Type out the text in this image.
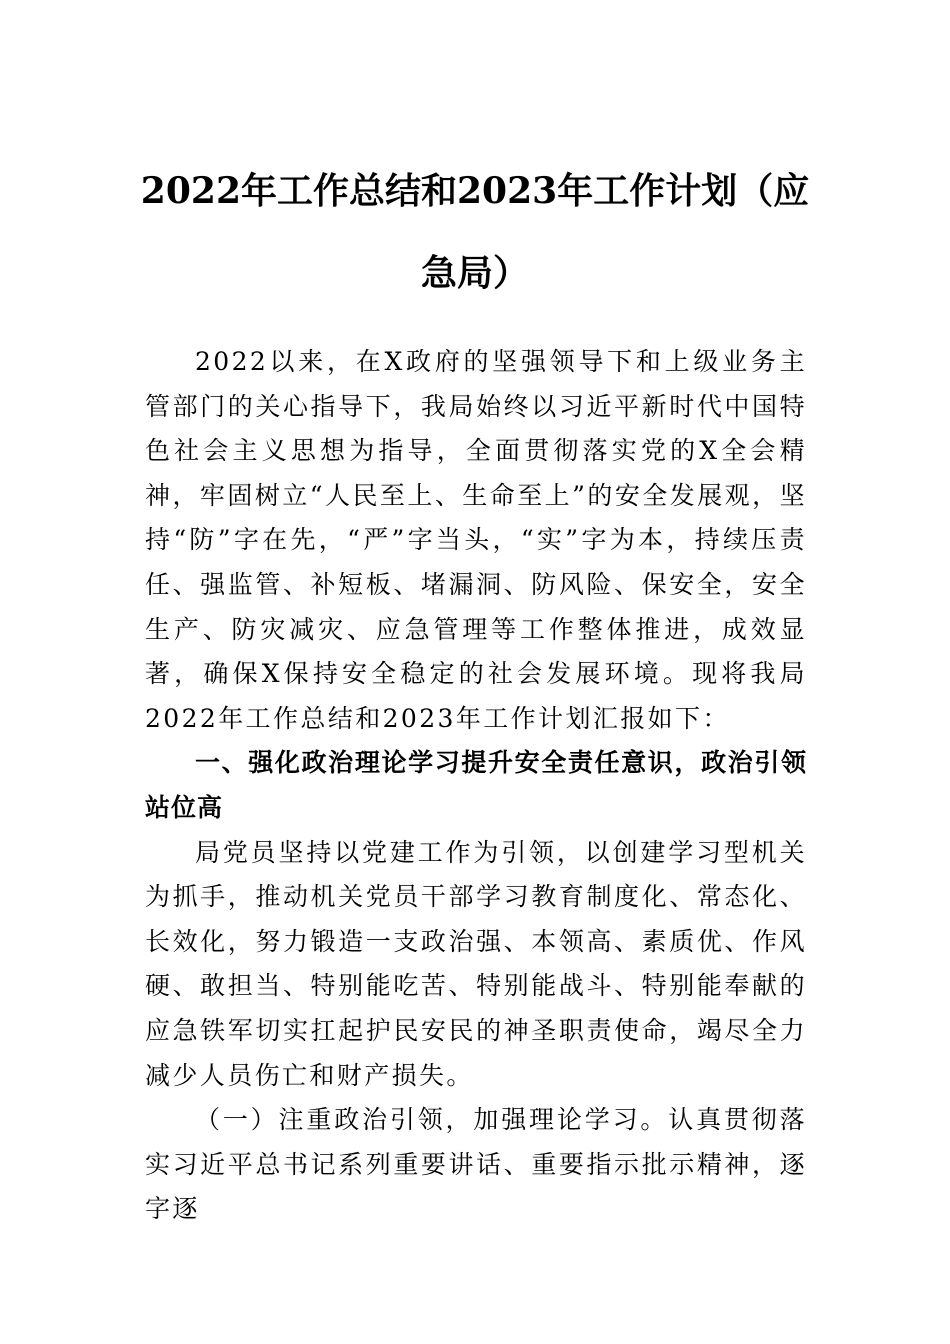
2022年工作总结和2023年工作计划（应急局）

2022以来，在X政府的坚强领导下和上级业务主管部门的关心指导下，我局始终以习近平新时代中国特色社会主义思想为指导，全面贯彻落实党的X全会精神，牢固树立“人民至上、生命至上”的安全发展观，坚持“防”字在先，“严”字当头，“实”字为本，持续压责任、强监管、补短板、堵漏洞、防风险、保安全，安全生产、防灾减灾、应急管理等工作整体推进，成效显著，确保X保持安全稳定的社会发展环境。现将我局2022年工作总结和2023年工作计划汇报如下：

一、强化政治理论学习提升安全责任意识，政治引领站位高

局党员坚持以党建工作为引领，以创建学习型机关为抓手，推动机关党员干部学习教育制度化、常态化、长效化，努力锻造一支政治强、本领高、素质优、作风硬、敢担当、特别能吃苦、特别能战斗、特别能奉献的应急铁军切实扛起护民安民的神圣职责使命，竭尽全力减少人员伤亡和财产损失。

（一）注重政治引领，加强理论学习。认真贯彻落实习近平总书记系列重要讲话、重要指示批示精神，逐字逐
